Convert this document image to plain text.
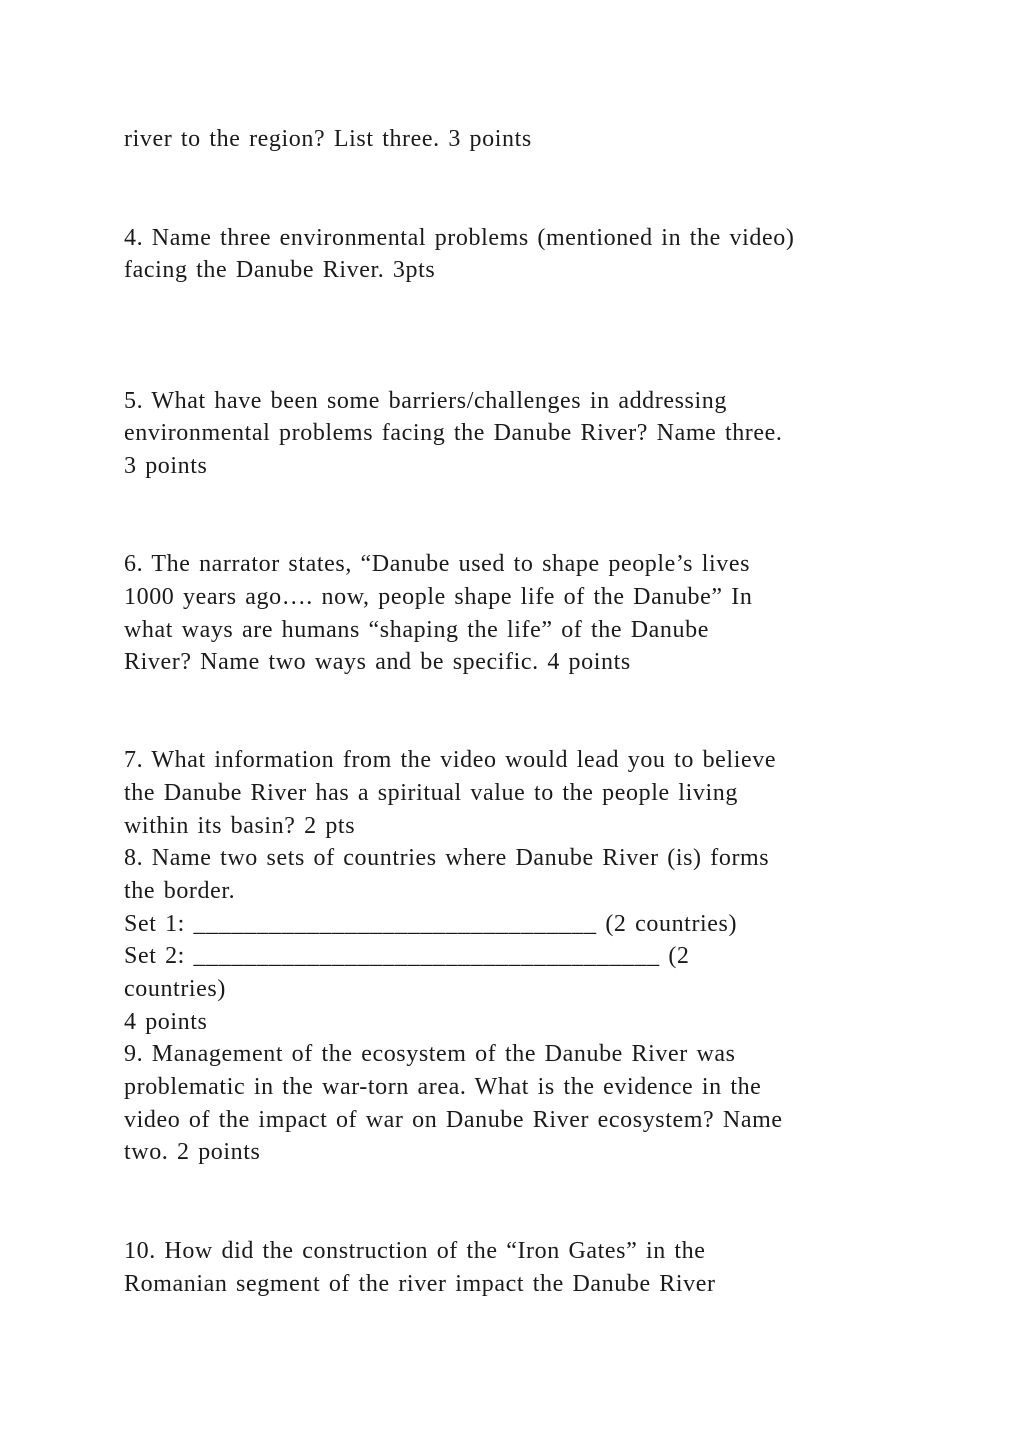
river to the region? List three. 3 points
4. Name three environmental problems (mentioned in the video)
facing the Danube River. 3pts
5. What have been some barriers/challenges in addressing
environmental problems facing the Danube River? Name three.
3 points
6. The narrator states, “Danube used to shape people’s lives
1000 years ago…. now, people shape life of the Danube” In
what ways are humans “shaping the life” of the Danube
River? Name two ways and be specific. 4 points
7. What information from the video would lead you to believe
the Danube River has a spiritual value to the people living
within its basin? 2 pts
8. Name two sets of countries where Danube River (is) forms
the border.
Set 1: ________________________________ (2 countries)
Set 2: _____________________________________ (2
countries)
4 points
9. Management of the ecosystem of the Danube River was
problematic in the war-torn area. What is the evidence in the
video of the impact of war on Danube River ecosystem? Name
two. 2 points
10. How did the construction of the “Iron Gates” in the
Romanian segment of the river impact the Danube River
